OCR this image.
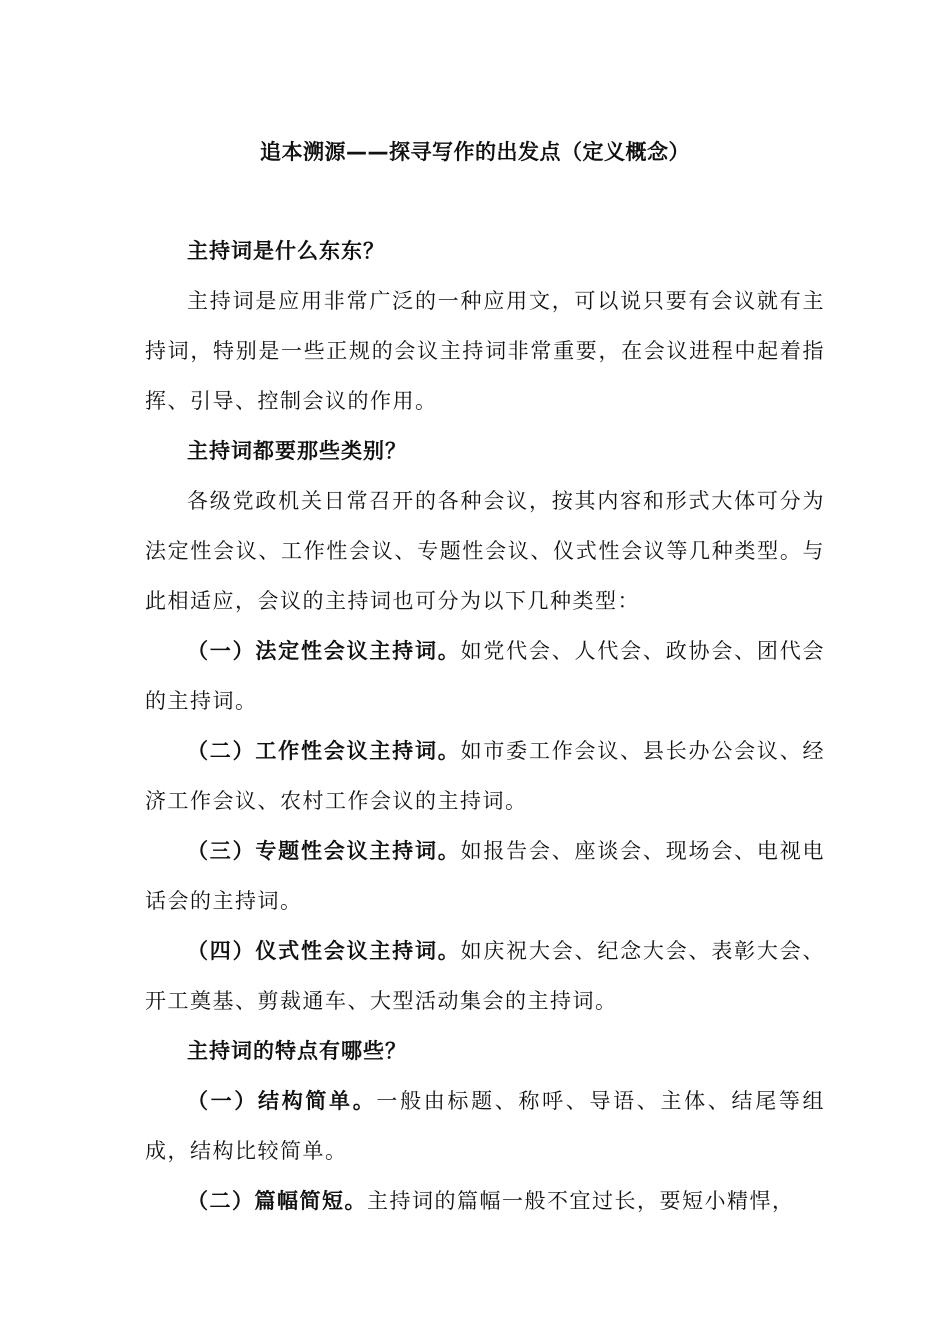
追本溯源——探寻写作的出发点（定义概念）

主持词是什么东东？

主持词是应用非常广泛的一种应用文，可以说只要有会议就有主持词，特别是一些正规的会议主持词非常重要，在会议进程中起着指挥、引导、控制会议的作用。

主持词都要那些类别？

各级党政机关日常召开的各种会议，按其内容和形式大体可分为法定性会议、工作性会议、专题性会议、仪式性会议等几种类型。与此相适应，会议的主持词也可分为以下几种类型：

（一）法定性会议主持词。如党代会、人代会、政协会、团代会的主持词。

（二）工作性会议主持词。如市委工作会议、县长办公会议、经济工作会议、农村工作会议的主持词。

（三）专题性会议主持词。如报告会、座谈会、现场会、电视电话会的主持词。

（四）仪式性会议主持词。如庆祝大会、纪念大会、表彰大会、开工奠基、剪裁通车、大型活动集会的主持词。

主持词的特点有哪些？

（一）结构简单。一般由标题、称呼、导语、主体、结尾等组成，结构比较简单。

（二）篇幅简短。主持词的篇幅一般不宜过长，要短小精悍，
